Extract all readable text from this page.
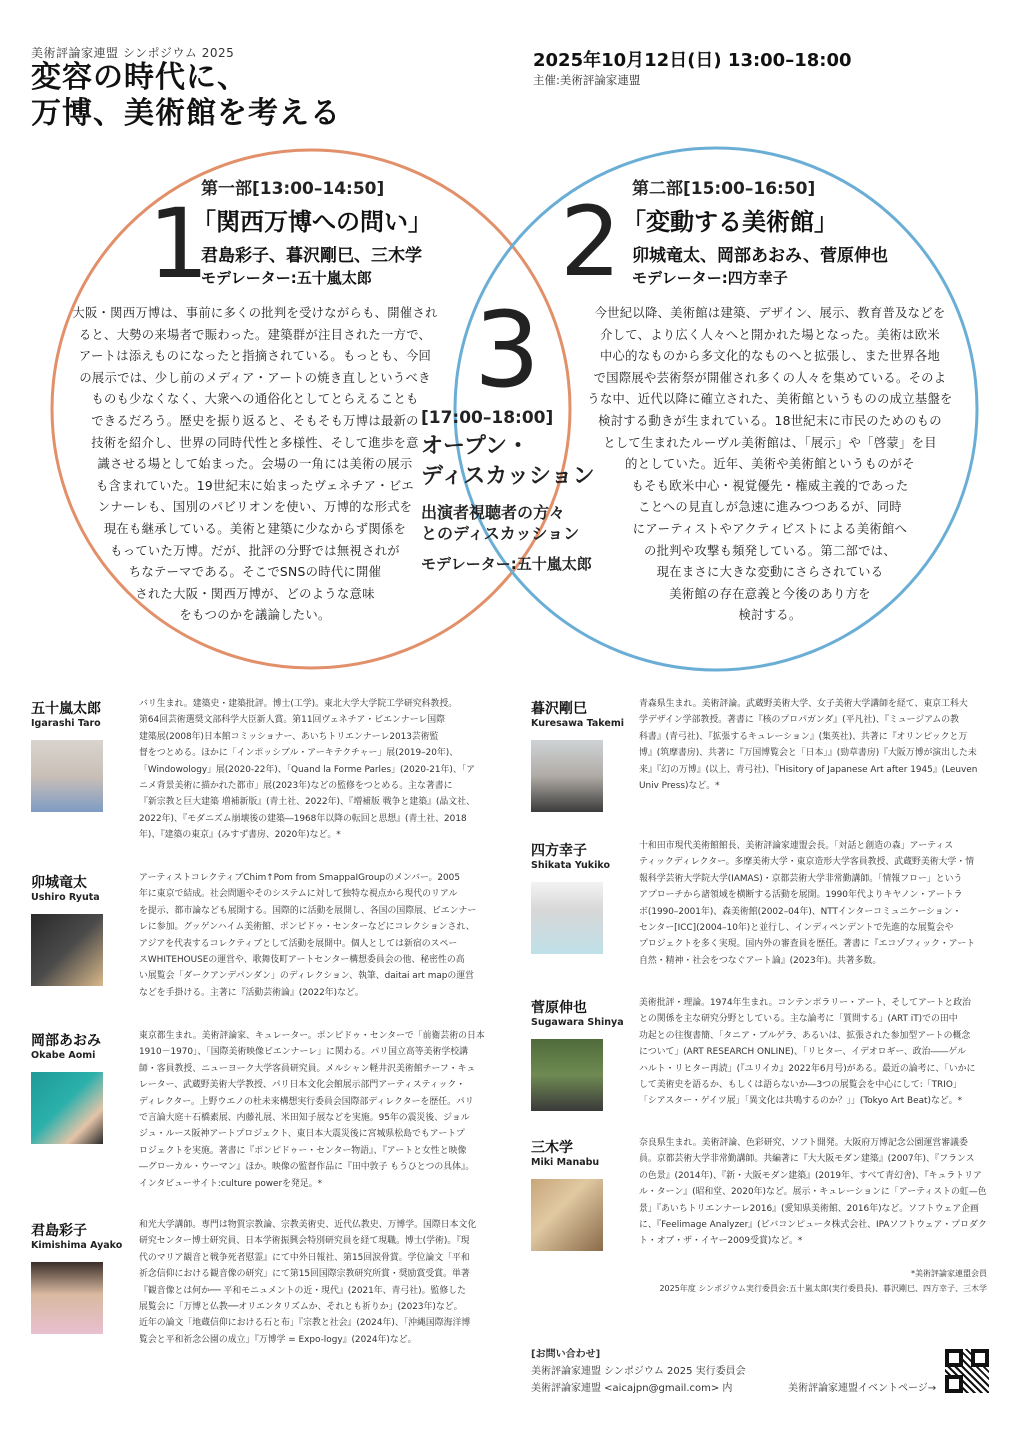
美術評論家連盟 シンポジウム 2025
変容の時代に、
万博、美術館を考える
2025年10月12日(日) 13:00–18:00
主催:美術評論家連盟
1
第一部[13:00–14:50]
「関西万博への問い」
君島彩子、暮沢剛巳、三木学
モデレーター:五十嵐太郎
大阪・関西万博は、事前に多くの批判を受けながらも、開催され
ると、大勢の来場者で賑わった。建築群が注目された一方で、
アートは添えものになったと指摘されている。もっとも、今回
の展示では、少し前のメディア・アートの焼き直しというべき
ものも少なくなく、大衆への通俗化としてとらえることも
できるだろう。歴史を振り返ると、そもそも万博は最新の
技術を紹介し、世界の同時代性と多様性、そして進歩を意
識させる場として始まった。会場の一角には美術の展示
も含まれていた。19世紀末に始まったヴェネチア・ビエ
ンナーレも、国別のパビリオンを使い、万博的な形式を
現在も継承している。美術と建築に少なからず関係を
もっていた万博。だが、批評の分野では無視されが
ちなテーマである。そこでSNSの時代に開催
された大阪・関西万博が、どのような意味
をもつのかを議論したい。
2 第二部[15:00–16:50]
「変動する美術館」
卯城竜太、岡部あおみ、菅原伸也
モデレーター:四方幸子
今世紀以降、美術館は建築、デザイン、展示、教育普及などを
介して、より広く人々へと開かれた場となった。美術は欧米
中心的なものから多文化的なものへと拡張し、また世界各地
で国際展や芸術祭が開催され多くの人々を集めている。そのよ
うな中、近代以降に確立された、美術館というものの成立基盤を
検討する動きが生まれている。18世紀末に市民のためのもの
として生まれたルーヴル美術館は、「展示」や「啓蒙」を目
的としていた。近年、美術や美術館というものがそ
もそも欧米中心・視覚優先・権威主義的であった
ことへの見直しが急速に進みつつあるが、同時
にアーティストやアクティビストによる美術館へ
の批判や攻撃も頻発している。第二部では、
現在まさに大きな変動にさらされている
美術館の存在意義と今後のあり方を
検討する。
3
[17:00–18:00]
オープン・
ディスカッション
出演者視聴者の方々
とのディスカッション
モデレーター:五十嵐太郎
五十嵐太郎
Igarashi Taro
バリ生まれ。建築史・建築批評。博士(工学)。東北大学大学院工学研究科教授。
第64回芸術選奨文部科学大臣新人賞。第11回ヴェネチア・ビエンナーレ国際
建築展(2008年)日本館コミッショナー、あいちトリエンナーレ2013芸術監
督をつとめる。ほかに「インポッシブル・アーキテクチャー」展(2019–20年)、
「Windowology」展(2020-22年)、「Quand la Forme Parles」(2020-21年)、「ア
ニメ背景美術に描かれた都市」展(2023年)などの監修をつとめる。主な著書に
『新宗教と巨大建築 増補新版』(青土社、2022年)、『増補版 戦争と建築』(晶文社、
2022年)、『モダニズム崩壊後の建築―1968年以降の転回と思想』(青土社、2018
年)、『建築の東京』(みすず書房、2020年)など。*
卯城竜太
Ushiro Ryuta
アーティストコレクティブChim↑Pom from SmappaIGroupのメンバー。2005
年に東京で結成。社会問題やそのシステムに対して独特な視点から現代のリアル
を提示、都市論なども展開する。国際的に活動を展開し、各国の国際展、ビエンナー
レに参加。グッゲンハイム美術館、ポンピドゥ・センターなどにコレクションされ、
アジアを代表するコレクティブとして活動を展開中。個人としては新宿のスペー
スWHITEHOUSEの運営や、歌舞伎町アートセンター構想委員会の他、秘密性の高
い展覧会「ダークアンデパンダン」のディレクション、執筆、daitai art mapの運営
などを手掛ける。主著に『活動芸術論』(2022年)など。
岡部あおみ
Okabe Aomi
東京都生まれ。美術評論家、キュレーター。ポンピドゥ・センターで「前衛芸術の日本
1910－1970」、「国際美術映像ビエンナーレ」に関わる。パリ国立高等美術学校講
師・客員教授、ニューヨーク大学客員研究員。メルシャン軽井沢美術館チーフ・キュ
レーター、武蔵野美術大学教授、パリ日本文化会館展示部門アーティスティック・
ディレクター。上野ウエノの杜未来構想実行委員会国際部ディレクターを歴任。パリ
で言論大庭＋石橋素展、内藤礼展、米田知子展などを実施。95年の震災後、ジョル
ジュ・ルース阪神アートプロジェクト、東日本大震災後に宮城県松島でもアートプ
ロジェクトを実施。著書に『ポンピドゥー・センター物語』、『アートと女性と映像
―グローカル・ウーマン』ほか。映像の監督作品に『田中敦子 もうひとつの具体』。
インタビューサイト:culture powerを発足。*
君島彩子
Kimishima Ayako
和光大学講師。専門は物質宗教論、宗教美術史、近代仏教史、万博学。国際日本文化
研究センター博士研究員、日本学術振興会特別研究員を経て現職。博士(学術)。『現
代のマリア観音と戦争死者慰霊』にて中外日報社、第15回涙骨賞。学位論文「平和
祈念信仰における観音像の研究」にて第15回国際宗教研究所賞・奨励賞受賞。単著
『観音像とは何か── 平和モニュメントの近・現代』(2021年、青弓社)。監修した
展覧会に「万博と仏教──オリエンタリズムか、それとも祈りか」(2023年)など。
近年の論文「地蔵信仰における石と布」『宗教と社会』(2024年)、「沖縄国際海洋博
覧会と平和祈念公園の成立」『万博学 = Expo-logy』(2024年)など。
暮沢剛巳
Kuresawa Takemi
青森県生まれ。美術評論。武蔵野美術大学、女子美術大学講師を経て、東京工科大
学デザイン学部教授。著書に『核のプロパガンダ』(平凡社)、『ミュージアムの教
科書』(青弓社)、『拡張するキュレーション』(集英社)、共著に『オリンピックと万
博』(筑摩書房)、共著に『万国博覧会と「日本」』(勁草書房)『大阪万博が演出した未
来』『幻の万博』(以上、青弓社)、『Hisitory of Japanese Art after 1945』(Leuven
Univ Press)など。*
四方幸子
Shikata Yukiko
十和田市現代美術館館長、美術評論家連盟会長。「対話と創造の森」アーティス
ティックディレクター。多摩美術大学・東京造形大学客員教授、武蔵野美術大学・情
報科学芸術大学院大学(IAMAS)・京都芸術大学非常勤講師。「情報フロー」という
アプローチから諸領域を横断する活動を展開。1990年代よりキヤノン・アートラ
ボ(1990–2001年)、森美術館(2002–04年)、NTTインターコミュニケーション・
センター[ICC](2004–10年)と並行し、インディペンデントで先進的な展覧会や
プロジェクトを多く実現。国内外の審査員を歴任。著書に『エコゾフィック・アート
自然・精神・社会をつなぐアート論』(2023年)。共著多数。
菅原伸也
Sugawara Shinya
美術批評・理論。1974年生まれ。コンテンポラリー・アート、そしてアートと政治
との関係を主な研究分野としている。主な論考に「質問する」(ART iT)での田中
功起との往復書簡、「タニア・ブルゲラ、あるいは、拡張された参加型アートの概念
について」(ART RESEARCH ONLINE)、「リヒター、イデオロギー、政治――ゲル
ハルト・リヒター再読」(『ユリイカ』2022年6月号)がある。最近の論考に、「いかに
して美術史を語るか、もしくは語らないか―3つの展覧会を中心にして:「TRIO」
「シアスター・ゲイツ展」「異文化は共鳴するのか？」」(Tokyo Art Beat)など。*
三木学
Miki Manabu
奈良県生まれ。美術評論、色彩研究、ソフト開発。大阪府万博記念公園運営審議委
員。京都芸術大学非常勤講師。共編著に『大大阪モダン建築』(2007年)、『フランス
の色景』(2014年)、『新・大阪モダン建築』(2019年、すべて青幻舎)、『キュラトリア
ル・ターン』(昭和堂、2020年)など。展示・キュレーションに「アーティストの虹—色
景」『あいちトリエンナーレ2016』(愛知県美術館、2016年)など。ソフトウェア企画
に、『Feelimage Analyzer』(ビバコンピュータ株式会社、IPAソフトウェア・プロダク
ト・オブ・ザ・イヤー2009受賞)など。*
*美術評論家連盟会員
2025年度 シンポジウム実行委員会:五十嵐太郎(実行委員長)、暮沢剛巳、四方幸子、三木学
[お問い合わせ]
美術評論家連盟 シンポジウム 2025 実行委員会
美術評論家連盟 <aicajpn@gmail.com> 内	美術評論家連盟イベントページ→
